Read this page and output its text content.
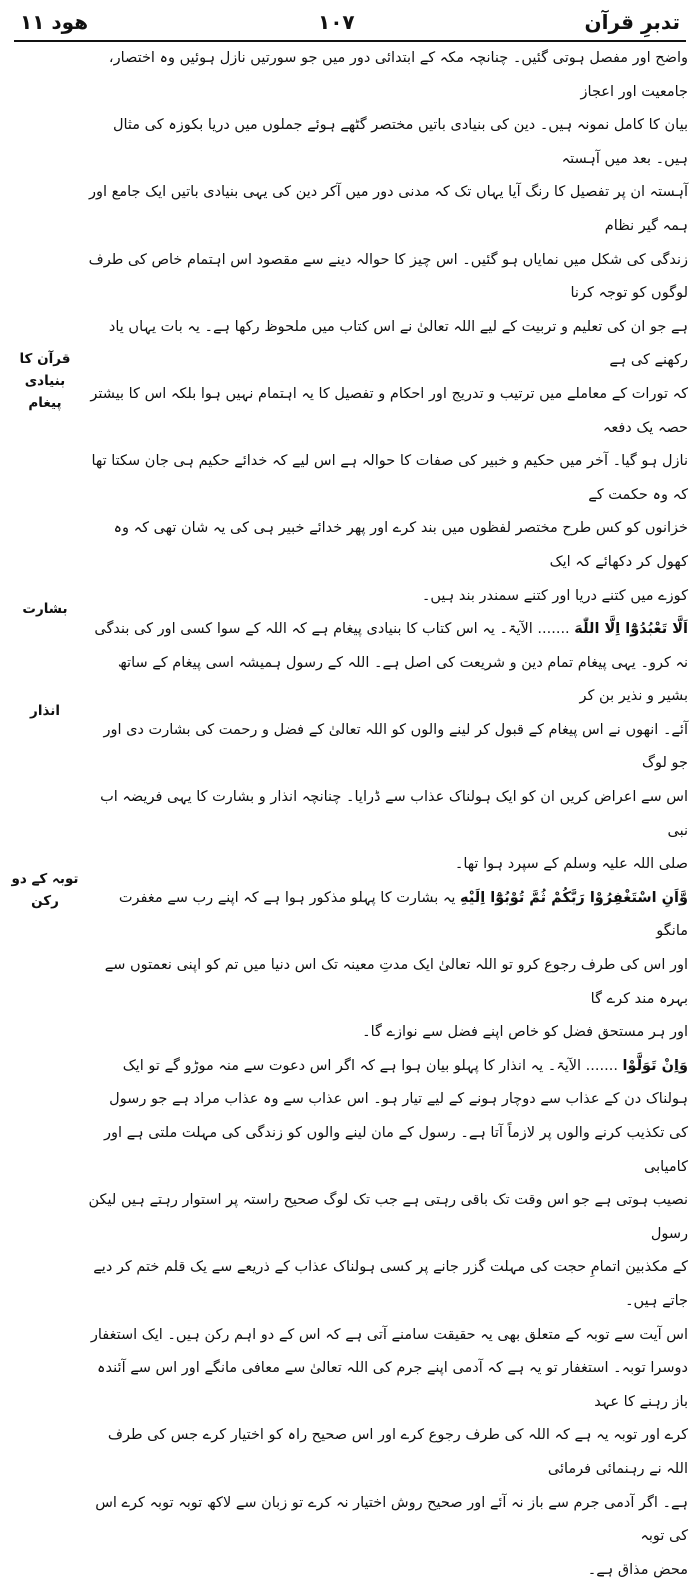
تدبرِ قرآن
۱۰۷
ھود ۱۱

واضح اور مفصل ہوتی گئیں۔ چنانچہ مکہ کے ابتدائی دور میں جو سورتیں نازل ہوئیں وہ اختصار، جامعیت اور اعجاز
بیان کا کامل نمونہ ہیں۔ دین کی بنیادی باتیں مختصر گٹھے ہوئے جملوں میں دریا بکوزہ کی مثال ہیں۔ بعد میں آہستہ
آہستہ ان پر تفصیل کا رنگ آیا یہاں تک کہ مدنی دور میں آکر دین کی یہی بنیادی باتیں ایک جامع اور ہمہ گیر نظام
زندگی کی شکل میں نمایاں ہو گئیں۔ اس چیز کا حوالہ دینے سے مقصود اس اہتمام خاص کی طرف لوگوں کو توجہ کرنا
ہے جو ان کی تعلیم و تربیت کے لیے اللہ تعالیٰ نے اس کتاب میں ملحوظ رکھا ہے۔ یہ بات یہاں یاد رکھنے کی ہے
کہ تورات کے معاملے میں ترتیب و تدریج اور احکام و تفصیل کا یہ اہتمام نہیں ہوا بلکہ اس کا بیشتر حصہ یک دفعہ
نازل ہو گیا۔ آخر میں حکیم و خبیر کی صفات کا حوالہ ہے اس لیے کہ خدائے حکیم ہی جان سکتا تھا کہ وہ حکمت کے
خزانوں کو کس طرح مختصر لفظوں میں بند کرے اور پھر خدائے خبیر ہی کی یہ شان تھی کہ وہ کھول کر دکھائے کہ ایک
کوزے میں کتنے دریا اور کتنے سمندر بند ہیں۔

اَلَّا تَعْبُدُوْٓا اِلَّا اللّٰهَ ....... الآیۃ۔ یہ اس کتاب کا بنیادی پیغام ہے کہ اللہ کے سوا کسی اور کی بندگی
نہ کرو۔ یہی پیغام تمام دین و شریعت کی اصل ہے۔ اللہ کے رسول ہمیشہ اسی پیغام کے ساتھ بشیر و نذیر بن کر
آئے۔ انھوں نے اس پیغام کے قبول کر لینے والوں کو اللہ تعالیٰ کے فضل و رحمت کی بشارت دی اور جو لوگ
اس سے اعراض کریں ان کو ایک ہولناک عذاب سے ڈرایا۔ چنانچہ انذار و بشارت کا یہی فریضہ اب نبی
صلی اللہ علیہ وسلم کے سپرد ہوا تھا۔

وَّاَنِ اسْتَغْفِرُوْا رَبَّكُمْ ثُمَّ تُوْبُوْٓا اِلَيْهِ یہ بشارت کا پہلو مذکور ہوا ہے کہ اپنے رب سے مغفرت مانگو
اور اس کی طرف رجوع کرو تو اللہ تعالیٰ ایک مدتِ معینہ تک اس دنیا میں تم کو اپنی نعمتوں سے بہرہ مند کرے گا
اور ہر مستحق فضل کو خاص اپنے فضل سے نوازے گا۔

وَاِنْ تَوَلَّوْا ....... الآیۃ۔ یہ انذار کا پہلو بیان ہوا ہے کہ اگر اس دعوت سے منہ موڑو گے تو ایک
ہولناک دن کے عذاب سے دوچار ہونے کے لیے تیار ہو۔ اس عذاب سے وہ عذاب مراد ہے جو رسول
کی تکذیب کرنے والوں پر لازماً آتا ہے۔ رسول کے مان لینے والوں کو زندگی کی مہلت ملتی ہے اور کامیابی
نصیب ہوتی ہے جو اس وقت تک باقی رہتی ہے جب تک لوگ صحیح راستہ پر استوار رہتے ہیں لیکن رسول
کے مکذبین اتمامِ حجت کی مہلت گزر جانے پر کسی ہولناک عذاب کے ذریعے سے یک قلم ختم کر دیے جاتے ہیں۔

اس آیت سے توبہ کے متعلق بھی یہ حقیقت سامنے آتی ہے کہ اس کے دو اہم رکن ہیں۔ ایک استغفار
دوسرا توبہ۔ استغفار تو یہ ہے کہ آدمی اپنے جرم کی اللہ تعالیٰ سے معافی مانگے اور اس سے آئندہ باز رہنے کا عہد
کرے اور توبہ یہ ہے کہ اللہ کی طرف رجوع کرے اور اس صحیح راہ کو اختیار کرے جس کی طرف اللہ نے رہنمائی فرمائی
ہے۔ اگر آدمی جرم سے باز نہ آئے اور صحیح روش اختیار نہ کرے تو زبان سے لاکھ توبہ توبہ کرے اس کی توبہ
محض مذاق ہے۔

قرآن کا بنیادی پیغام
بشارت
انذار
توبہ کے دو رکن
